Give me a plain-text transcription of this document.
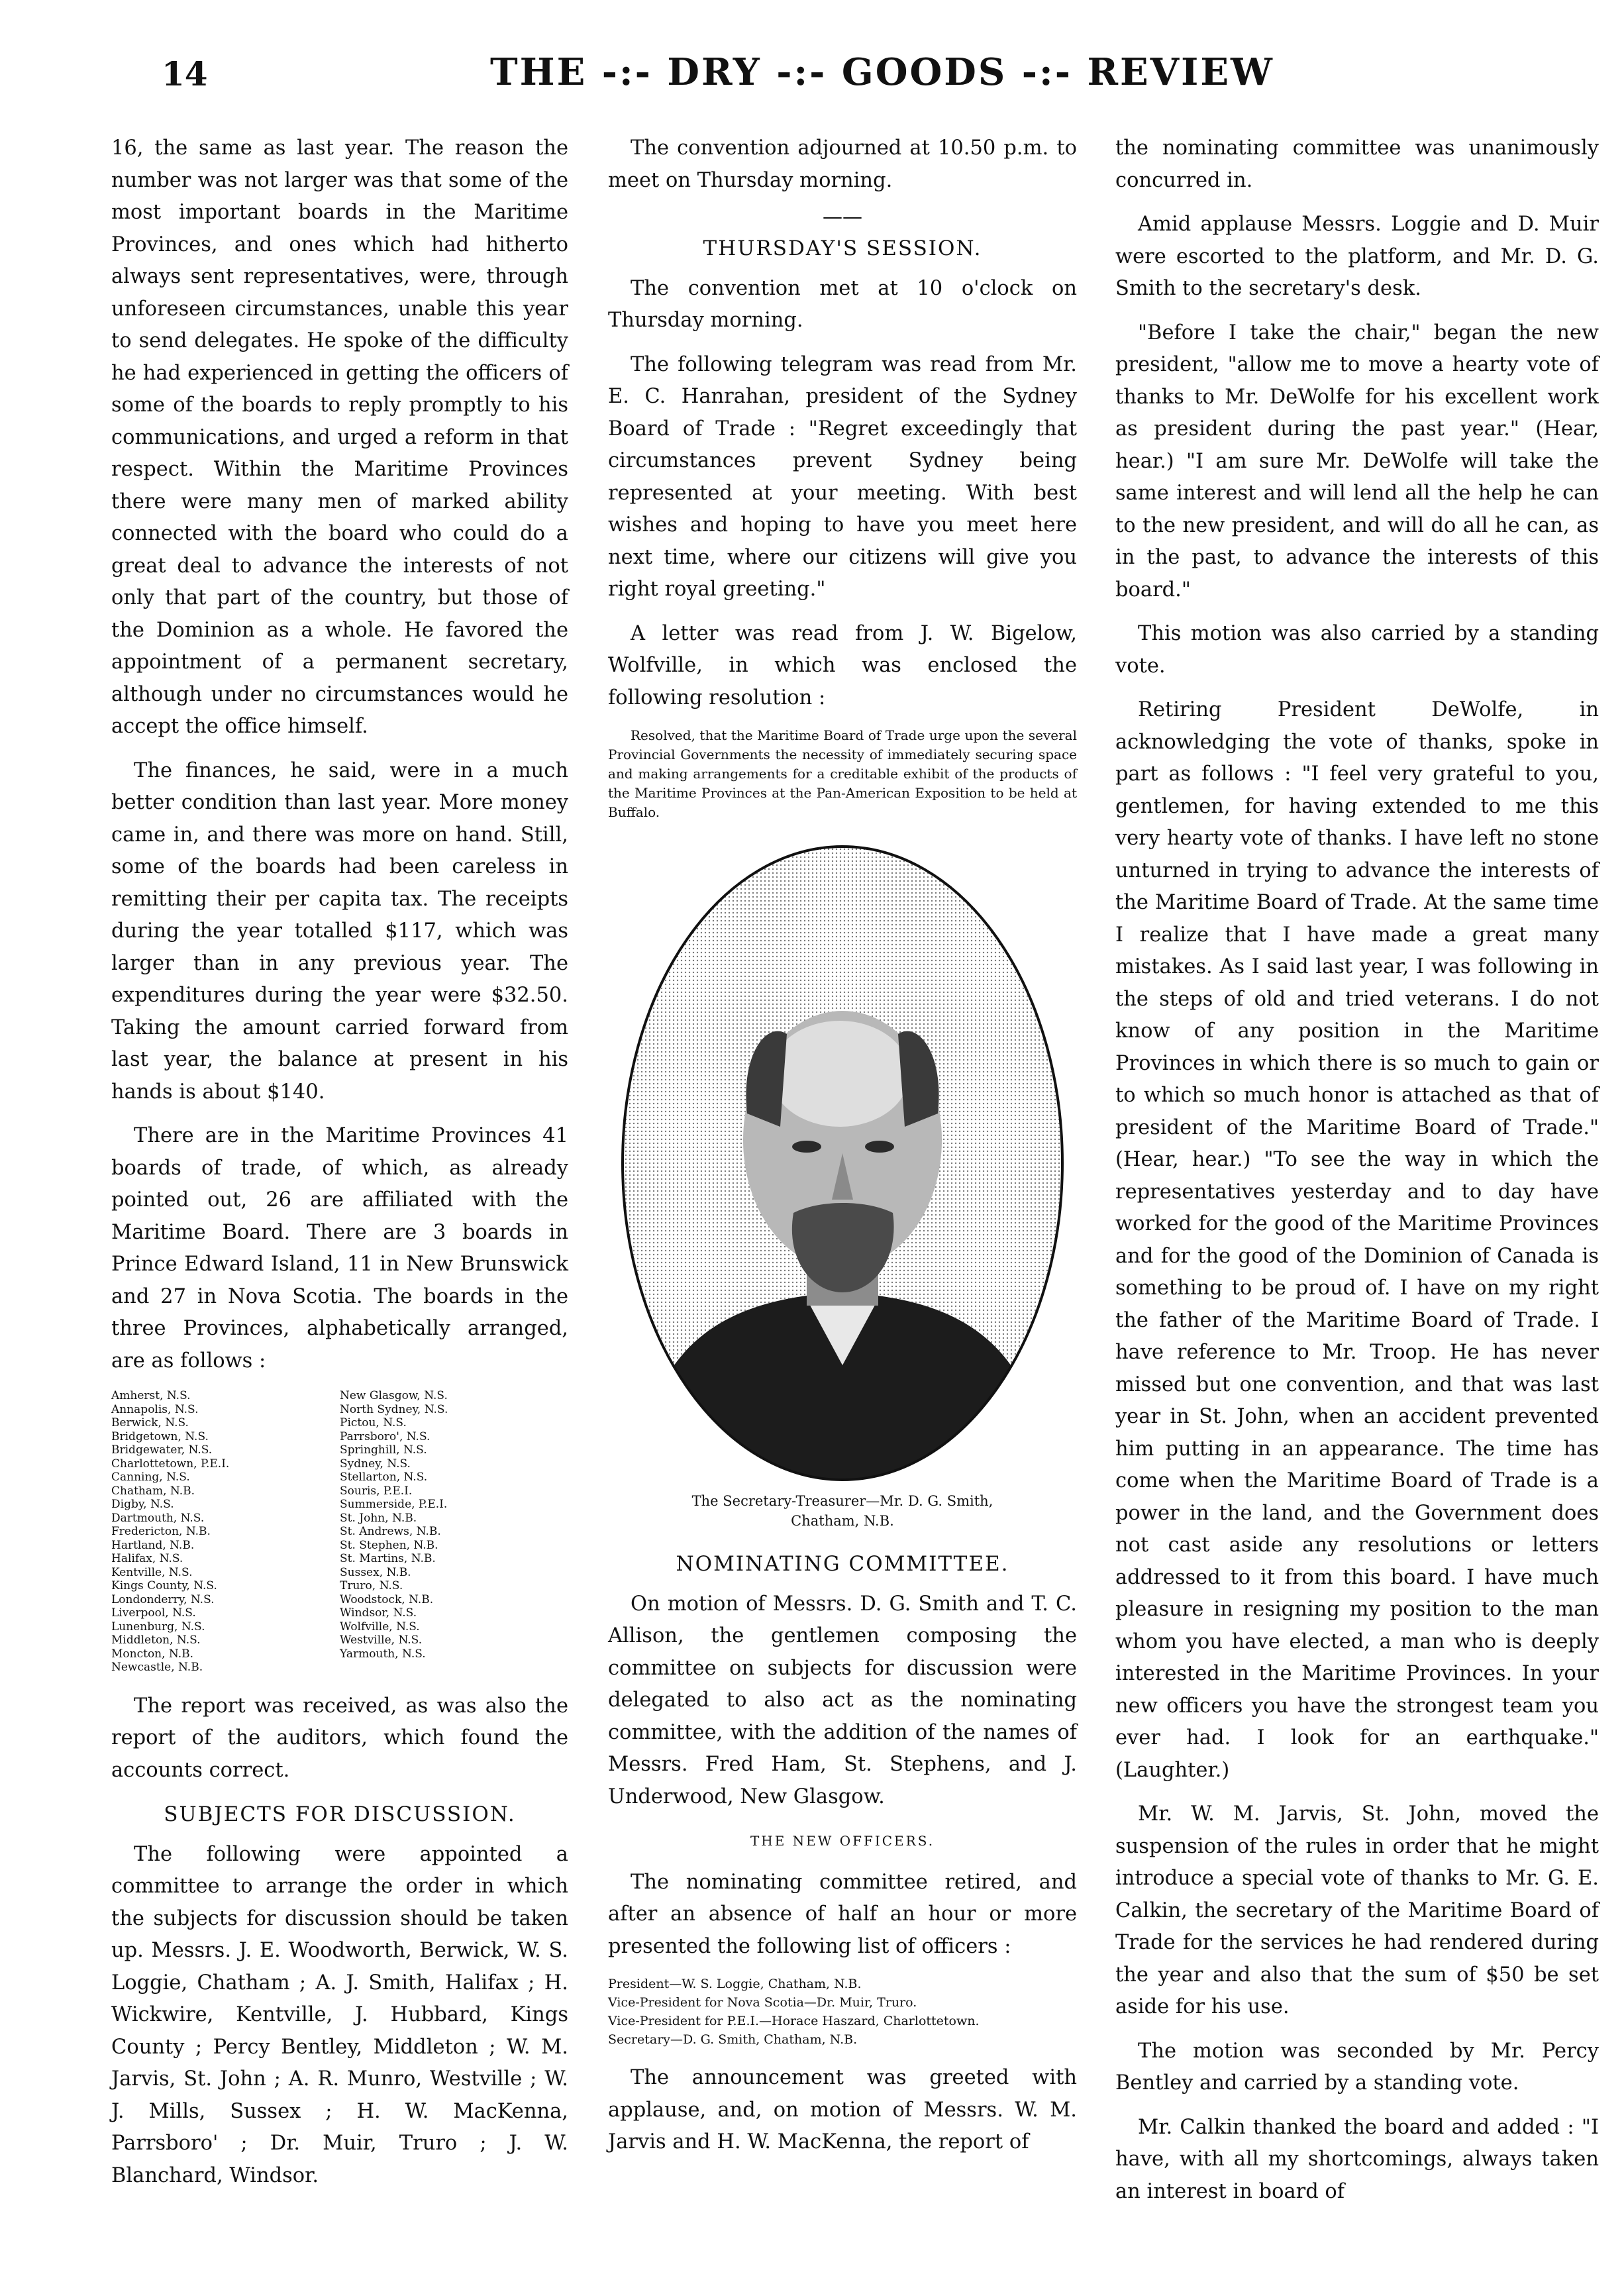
14	THE -:- DRY -:- GOODS -:- REVIEW

16, the same as last year. The reason the number was not larger was that some of the most important boards in the Maritime Provinces, and ones which had hitherto always sent representatives, were, through unforeseen circumstances, unable this year to send delegates. He spoke of the difficulty he had experienced in getting the officers of some of the boards to reply promptly to his communications, and urged a reform in that respect. Within the Maritime Provinces there were many men of marked ability connected with the board who could do a great deal to advance the interests of not only that part of the country, but those of the Dominion as a whole. He favored the appointment of a permanent secretary, although under no circumstances would he accept the office himself.

The finances, he said, were in a much better condition than last year. More money came in, and there was more on hand. Still, some of the boards had been careless in remitting their per capita tax. The receipts during the year totalled $117, which was larger than in any previous year. The expenditures during the year were $32.50. Taking the amount carried forward from last year, the balance at present in his hands is about $140.

There are in the Maritime Provinces 41 boards of trade, of which, as already pointed out, 26 are affiliated with the Maritime Board. There are 3 boards in Prince Edward Island, 11 in New Brunswick and 27 in Nova Scotia. The boards in the three Provinces, alphabetically arranged, are as follows :

Amherst, N.S.
Annapolis, N.S.
Berwick, N.S.
Bridgetown, N.S.
Bridgewater, N.S.
Charlottetown, P.E.I.
Canning, N.S.
Chatham, N.B.
Digby, N.S.
Dartmouth, N.S.
Fredericton, N.B.
Hartland, N.B.
Halifax, N.S.
Kentville, N.S.
Kings County, N.S.
Londonderry, N.S.
Liverpool, N.S.
Lunenburg, N.S.
Middleton, N.S.
Moncton, N.B.
Newcastle, N.B.
New Glasgow, N.S.
North Sydney, N.S.
Pictou, N.S.
Parrsboro', N.S.
Springhill, N.S.
Sydney, N.S.
Stellarton, N.S.
Souris, P.E.I.
Summerside, P.E.I.
St. John, N.B.
St. Andrews, N.B.
St. Stephen, N.B.
St. Martins, N.B.
Sussex, N.B.
Truro, N.S.
Woodstock, N.B.
Windsor, N.S.
Wolfville, N.S.
Westville, N.S.
Yarmouth, N.S.

The report was received, as was also the report of the auditors, which found the accounts correct.

SUBJECTS FOR DISCUSSION.

The following were appointed a committee to arrange the order in which the subjects for discussion should be taken up. Messrs. J. E. Woodworth, Berwick, W. S. Loggie, Chatham ; A. J. Smith, Halifax ; H. Wickwire, Kentville, J. Hubbard, Kings County ; Percy Bentley, Middleton ; W. M. Jarvis, St. John ; A. R. Munro, Westville ; W. J. Mills, Sussex ; H. W. MacKenna, Parrsboro' ; Dr. Muir, Truro ; J. W. Blanchard, Windsor.

The convention adjourned at 10.50 p.m. to meet on Thursday morning.

——
THURSDAY'S SESSION.

The convention met at 10 o'clock on Thursday morning.

The following telegram was read from Mr. E. C. Hanrahan, president of the Sydney Board of Trade : "Regret exceedingly that circumstances prevent Sydney being represented at your meeting. With best wishes and hoping to have you meet here next time, where our citizens will give you right royal greeting."

A letter was read from J. W. Bigelow, Wolfville, in which was enclosed the following resolution :

Resolved, that the Maritime Board of Trade urge upon the several Provincial Governments the necessity of immediately securing space and making arrangements for a creditable exhibit of the products of the Maritime Provinces at the Pan-American Exposition to be held at Buffalo.

The Secretary-Treasurer—Mr. D. G. Smith,
Chatham, N.B.
NOMINATING COMMITTEE.

On motion of Messrs. D. G. Smith and T. C. Allison, the gentlemen composing the committee on subjects for discussion were delegated to also act as the nominating committee, with the addition of the names of Messrs. Fred Ham, St. Stephens, and J. Underwood, New Glasgow.

THE NEW OFFICERS.

The nominating committee retired, and after an absence of half an hour or more presented the following list of officers :

President—W. S. Loggie, Chatham, N.B.
Vice-President for Nova Scotia—Dr. Muir, Truro.
Vice-President for P.E.I.—Horace Haszard, Charlottetown.
Secretary—D. G. Smith, Chatham, N.B.

The announcement was greeted with applause, and, on motion of Messrs. W. M. Jarvis and H. W. MacKenna, the report of

the nominating committee was unanimously concurred in.

Amid applause Messrs. Loggie and D. Muir were escorted to the platform, and Mr. D. G. Smith to the secretary's desk.

"Before I take the chair," began the new president, "allow me to move a hearty vote of thanks to Mr. DeWolfe for his excellent work as president during the past year." (Hear, hear.) "I am sure Mr. DeWolfe will take the same interest and will lend all the help he can to the new president, and will do all he can, as in the past, to advance the interests of this board."

This motion was also carried by a standing vote.

Retiring President DeWolfe, in acknowledging the vote of thanks, spoke in part as follows : "I feel very grateful to you, gentlemen, for having extended to me this very hearty vote of thanks. I have left no stone unturned in trying to advance the interests of the Maritime Board of Trade. At the same time I realize that I have made a great many mistakes. As I said last year, I was following in the steps of old and tried veterans. I do not know of any position in the Maritime Provinces in which there is so much to gain or to which so much honor is attached as that of president of the Maritime Board of Trade." (Hear, hear.) "To see the way in which the representatives yesterday and to day have worked for the good of the Maritime Provinces and for the good of the Dominion of Canada is something to be proud of. I have on my right the father of the Maritime Board of Trade. I have reference to Mr. Troop. He has never missed but one convention, and that was last year in St. John, when an accident prevented him putting in an appearance. The time has come when the Maritime Board of Trade is a power in the land, and the Government does not cast aside any resolutions or letters addressed to it from this board. I have much pleasure in resigning my position to the man whom you have elected, a man who is deeply interested in the Maritime Provinces. In your new officers you have the strongest team you ever had. I look for an earthquake." (Laughter.)

Mr. W. M. Jarvis, St. John, moved the suspension of the rules in order that he might introduce a special vote of thanks to Mr. G. E. Calkin, the secretary of the Maritime Board of Trade for the services he had rendered during the year and also that the sum of $50 be set aside for his use.

The motion was seconded by Mr. Percy Bentley and carried by a standing vote.

Mr. Calkin thanked the board and added : "I have, with all my shortcomings, always taken an interest in board of
